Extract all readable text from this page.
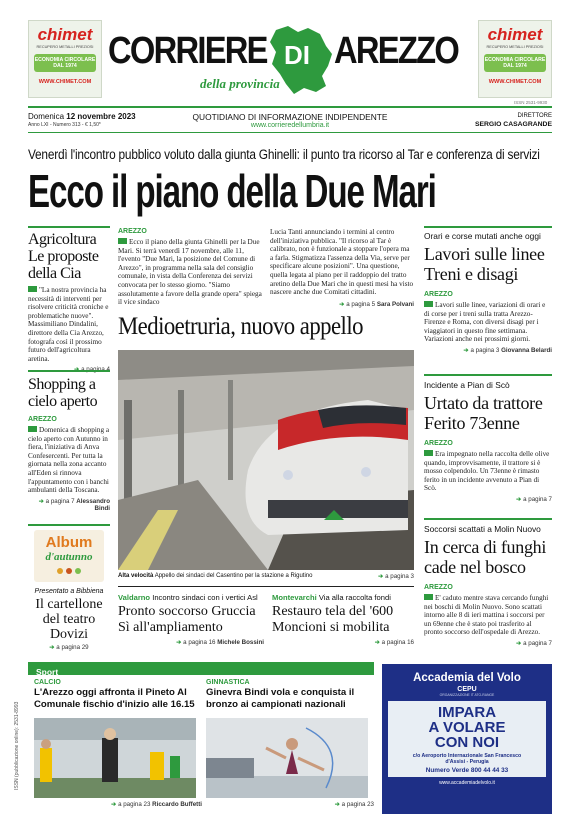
chimet
RECUPERO METALLI PREZIOSI
ECONOMIA CIRCOLARE
DAL 1974
WWW.CHIMET.COM
chimet
RECUPERO METALLI PREZIOSI
ECONOMIA CIRCOLARE
DAL 1974
WWW.CHIMET.COM
CORRIERE DI AREZZO
della provincia
ISSN 2531-9930
Domenica 12 novembre 2023
Anno LXI - Numero 313 - € 1,50*
QUOTIDIANO DI INFORMAZIONE INDIPENDENTE
www.corrieredellumbria.it
DIRETTORE
SERGIO CASAGRANDE
Venerdì l'incontro pubblico voluto dalla giunta Ghinelli: il punto tra ricorso al Tar e conferenza di servizi
Ecco il piano della Due Mari
Agricoltura Le proposte della Cia
"La nostra provincia ha necessità di interventi per risolvere criticità croniche e problematiche nuove". Massimiliano Dindalini, direttore della Cia Arezzo, fotografa così il prossimo futuro dell'agricoltura aretina.
Shopping a cielo aperto
AREZZO
Domenica di shopping a cielo aperto con Autunno in fiera, l'iniziativa di Anva Confesercenti. Per tutta la giornata nella zona accanto all'Eden si rinnova l'appuntamento con i banchi ambulanti della Toscana.
➔ a pagina 7 Alessandro Bindi
Album
d'autunno
Presentato a Bibbiena
Il cartellone del teatro Dovizi
➔ a pagina 29
ISSN (pubblicazione online): 2531-8993
AREZZO
Ecco il piano della giunta Ghinelli per la Due Mari. Si terrà venerdì 17 novembre, alle 11, l'evento "Due Mari, la posizione del Comune di Arezzo", in programma nella sala del consiglio comunale, in vista della Conferenza dei servizi convocata per lo stesso giorno. "Siamo assolutamente a favore della grande opera" spiega il vice sindaco
Lucia Tanti annunciando i termini al centro dell'iniziativa pubblica. "Il ricorso al Tar è calibrato, non è funzionale a stoppare l'opera ma a farla. Stigmatizza l'assenza della Via, serve per specificare alcune posizioni". Una questione, quella legata al piano per il raddoppio del tratto aretino della Due Mari che in questi mesi ha visto nascere anche due Comitati cittadini.
➔ a pagina 5 Sara Polvani
Medioetruria, nuovo appello
Alta velocità Appello dei sindaci del Casentino per la stazione a Rigutino	➔ a pagina 3
Valdarno Incontro sindaci con i vertici Asl
Pronto soccorso Gruccia Sì all'ampliamento
➔ a pagina 16 Michele Bossini
Montevarchi Via alla raccolta fondi
Restauro tela del '600 Moncioni si mobilita
➔ a pagina 16
Orari e corse mutati anche oggi
Lavori sulle linee Treni e disagi
AREZZO
Lavori sulle linee, variazioni di orari e di corse per i treni sulla tratta Arezzo-Firenze e Roma, con diversi disagi per i viaggiatori in questo fine settimana. Variazioni anche nei prossimi giorni.
➔ a pagina 3 Giovanna Belardi
Incidente a Pian di Scò
Urtato da trattore Ferito 73enne
AREZZO
Era impegnato nella raccolta delle olive quando, improvvisamente, il trattore si è mosso colpendolo. Un 73enne è rimasto ferito in un incidente avvenuto a Pian di Scò.
➔ a pagina 7
Soccorsi scattati a Molin Nuovo
In cerca di funghi cade nel bosco
AREZZO
E' caduto mentre stava cercando funghi nei boschi di Molin Nuovo. Sono scattati intorno alle 8 di ieri mattina i soccorsi per un 69enne che è stato poi trasferito al pronto soccorso dell'ospedale di Arezzo.
➔ a pagina 7
Sport
CALCIO
L'Arezzo oggi affronta il Pineto Al Comunale fischio d'inizio alle 16.15
➔ a pagina 23 Riccardo Buffetti
GINNASTICA
Ginevra Bindi vola e conquista il bronzo ai campionati nazionali
➔ a pagina 23
Accademia del Volo
CEPU
ORGANIZZAZIONE IT ATO-RANGE
IMPARA
A VOLARE
CON NOI
c/o Aeroporto Internazionale San Francesco
d'Assisi - Perugia
Numero Verde 800 44 44 33
www.accademiadelvolo.it
